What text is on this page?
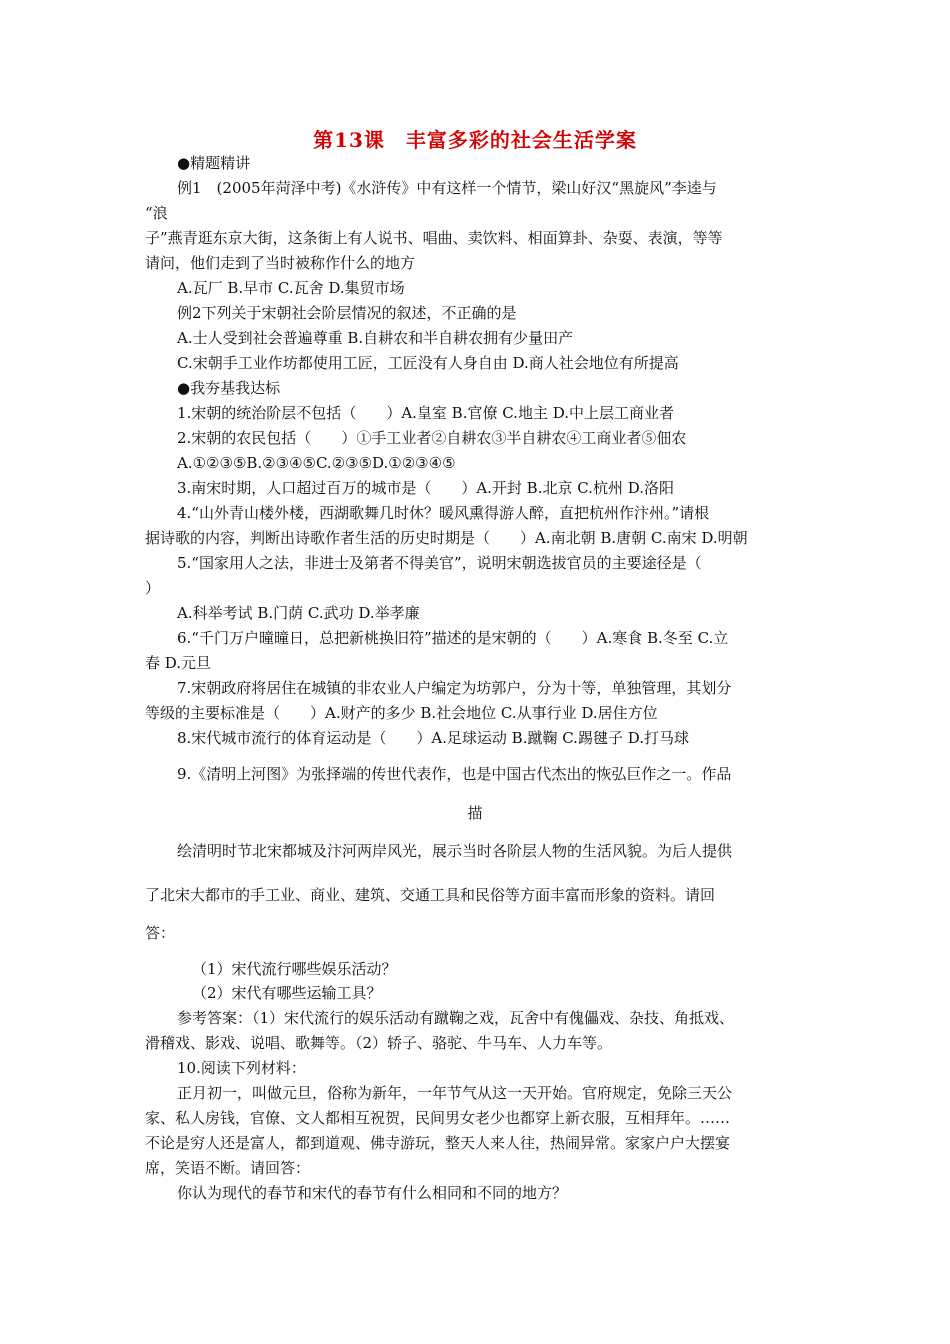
第13课　丰富多彩的社会生活学案
●精题精讲
例1　(2005年菏泽中考)《水浒传》中有这样一个情节，梁山好汉“黑旋风”李逵与
“浪
子”燕青逛东京大街，这条街上有人说书、唱曲、卖饮料、相面算卦、杂耍、表演，等等
请问，他们走到了当时被称作什么的地方
A.瓦厂 B.早市 C.瓦舍 D.集贸市场
例2下列关于宋朝社会阶层情况的叙述，不正确的是
A.士人受到社会普遍尊重 B.自耕农和半自耕农拥有少量田产
C.宋朝手工业作坊都使用工匠，工匠没有人身自由 D.商人社会地位有所提高
●我夯基我达标
1.宋朝的统治阶层不包括（　　）A.皇室 B.官僚 C.地主 D.中上层工商业者
2.宋朝的农民包括（　　）①手工业者②自耕农③半自耕农④工商业者⑤佃农
A.①②③⑤B.②③④⑤C.②③⑤D.①②③④⑤
3.南宋时期，人口超过百万的城市是（　　）A.开封 B.北京 C.杭州 D.洛阳
4.“山外青山楼外楼，西湖歌舞几时休？暖风熏得游人醉，直把杭州作汴州。”请根
据诗歌的内容，判断出诗歌作者生活的历史时期是（　　）A.南北朝 B.唐朝 C.南宋 D.明朝
5.“国家用人之法，非进士及第者不得美官”，说明宋朝选拔官员的主要途径是（
）
A.科举考试 B.门荫 C.武功 D.举孝廉
6.“千门万户曈曈日，总把新桃换旧符”描述的是宋朝的（　　）A.寒食 B.冬至 C.立
春 D.元旦
7.宋朝政府将居住在城镇的非农业人户编定为坊郭户，分为十等，单独管理，其划分
等级的主要标准是（　　）A.财产的多少 B.社会地位 C.从事行业 D.居住方位
8.宋代城市流行的体育运动是（　　）A.足球运动 B.蹴鞠 C.踢毽子 D.打马球
9.《清明上河图》为张择端的传世代表作，也是中国古代杰出的恢弘巨作之一。作品
描
绘清明时节北宋都城及汴河两岸风光，展示当时各阶层人物的生活风貌。为后人提供
了北宋大都市的手工业、商业、建筑、交通工具和民俗等方面丰富而形象的资料。请回
答：
（1）宋代流行哪些娱乐活动？
（2）宋代有哪些运输工具？
参考答案：（1）宋代流行的娱乐活动有蹴鞠之戏，瓦舍中有傀儡戏、杂技、角抵戏、
滑稽戏、影戏、说唱、歌舞等。（2）轿子、骆驼、牛马车、人力车等。
10.阅读下列材料：
正月初一，叫做元旦，俗称为新年，一年节气从这一天开始。官府规定，免除三天公
家、私人房钱，官僚、文人都相互祝贺，民间男女老少也都穿上新衣服，互相拜年。……
不论是穷人还是富人，都到道观、佛寺游玩，整天人来人往，热闹异常。家家户户大摆宴
席，笑语不断。请回答：
你认为现代的春节和宋代的春节有什么相同和不同的地方？
